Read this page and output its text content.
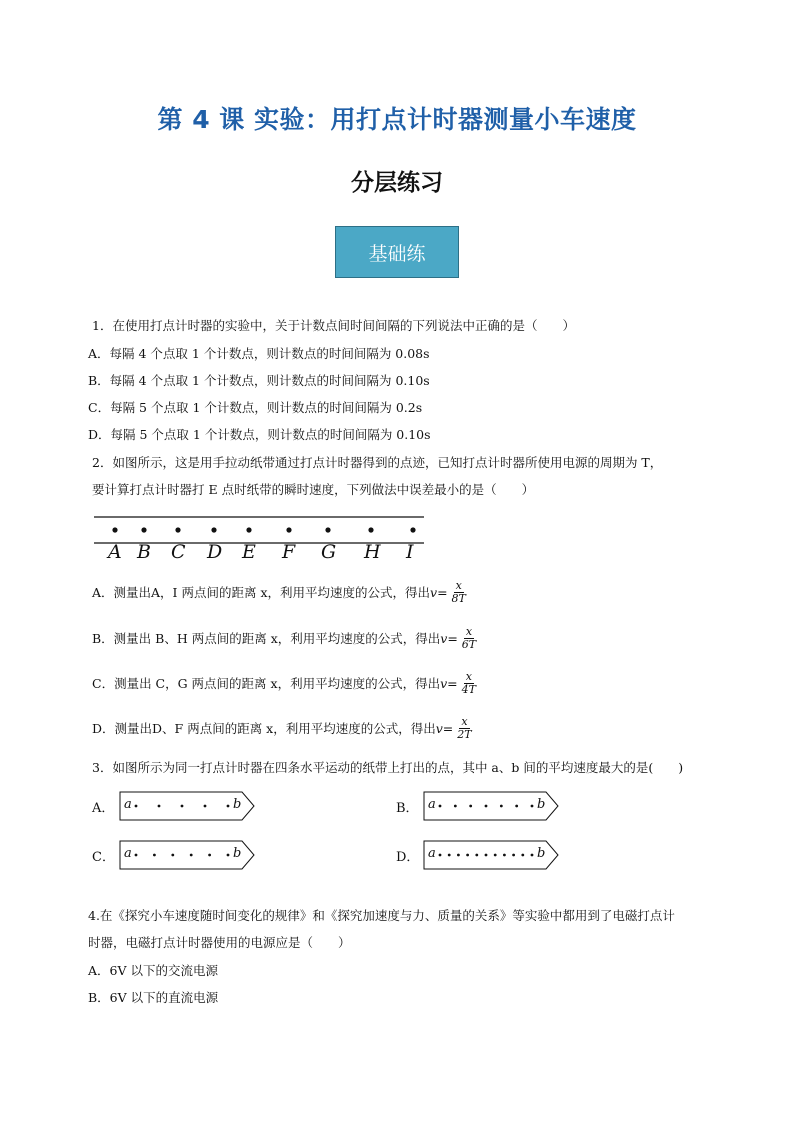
第 4 课 实验：用打点计时器测量小车速度
分层练习
基础练
1．在使用打点计时器的实验中，关于计数点间时间间隔的下列说法中正确的是（　　）
A．每隔 4 个点取 1 个计数点，则计数点的时间间隔为 0.08s
B．每隔 4 个点取 1 个计数点，则计数点的时间间隔为 0.10s
C．每隔 5 个点取 1 个计数点，则计数点的时间间隔为 0.2s
D．每隔 5 个点取 1 个计数点，则计数点的时间间隔为 0.10s
2．如图所示，这是用手拉动纸带通过打点计时器得到的点迹，已知打点计时器所使用电源的周期为 T，
要计算打点计时器打 E 点时纸带的瞬时速度，下列做法中误差最小的是（　　）
A B C D E F G H I
A．测量出A，I 两点间的距离 x，利用平均速度的公式，得出 $v = \frac{x}{8T}$
B．测量出 B、H 两点间的距离 x，利用平均速度的公式，得出 $v = \frac{x}{6T}$
C．测量出 C，G 两点间的距离 x，利用平均速度的公式，得出 $v = \frac{x}{4T}$
D．测量出D、F 两点间的距离 x，利用平均速度的公式，得出 $v = \frac{x}{2T}$
3．如图所示为同一打点计时器在四条水平运动的纸带上打出的点，其中 a、b 间的平均速度最大的是(　　)
A． a	b	B． a	b
C． a	b	D． a	b
4.在《探究小车速度随时间变化的规律》和《探究加速度与力、质量的关系》等实验中都用到了电磁打点计
时器，电磁打点计时器使用的电源应是（　　）
A．6V 以下的交流电源
B．6V 以下的直流电源
